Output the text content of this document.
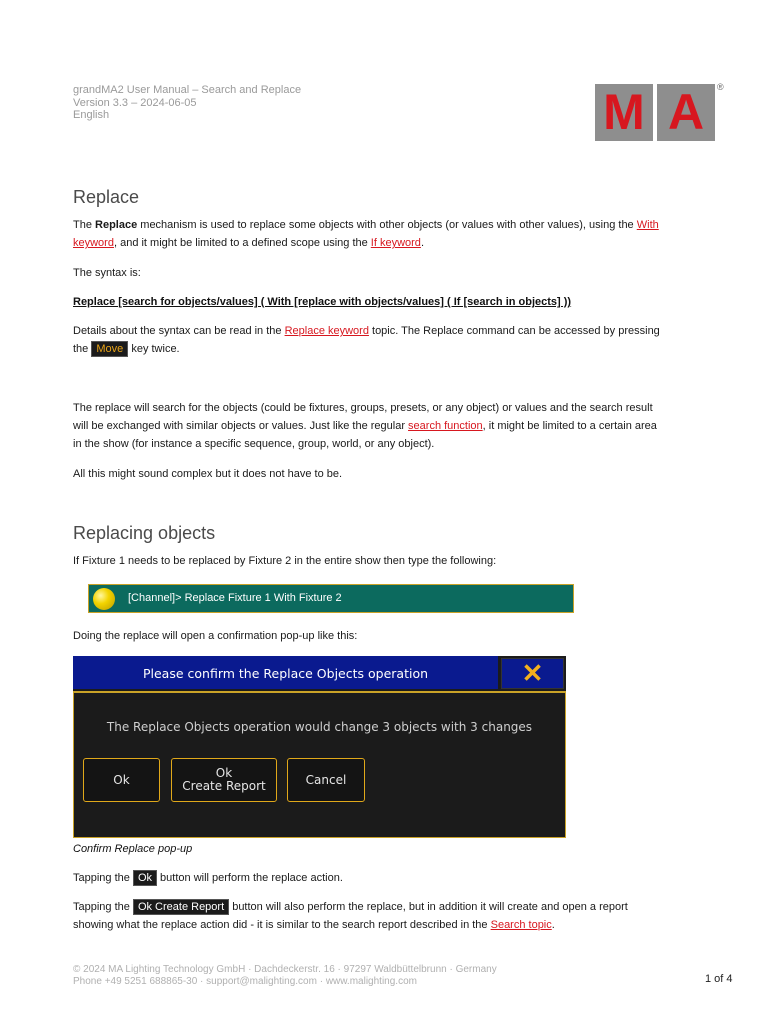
grandMA2 User Manual – Search and Replace
Version 3.3 – 2024-06-05
English	M A	®
Replace

The Replace mechanism is used to replace some objects with other objects (or values with other values), using the With
keyword, and it might be limited to a defined scope using the If keyword.

The syntax is:

Replace [search for objects/values] ( With [replace with objects/values] ( If [search in objects] ))

Details about the syntax can be read in the Replace keyword topic. The Replace command can be accessed by pressing
the Move key twice.

The replace will search for the objects (could be fixtures, groups, presets, or any object) or values and the search result
will be exchanged with similar objects or values. Just like the regular search function, it might be limited to a certain area
in the show (for instance a specific sequence, group, world, or any object).

All this might sound complex but it does not have to be.

Replacing objects

If Fixture 1 needs to be replaced by Fixture 2 in the entire show then type the following:

[Channel]> Replace Fixture 1 With Fixture 2

Doing the replace will open a confirmation pop-up like this:

Please confirm the Replace Objects operation	✕
The Replace Objects operation would change 3 objects with 3 changes
Ok	Ok
Create Report	Cancel
Confirm Replace pop-up

Tapping the Ok button will perform the replace action.

Tapping the Ok Create Report button will also perform the replace, but in addition it will create and open a report
showing what the replace action did - it is similar to the search report described in the Search topic.

© 2024 MA Lighting Technology GmbH · Dachdeckerstr. 16 · 97297 Waldbüttelbrunn · Germany
Phone +49 5251 688865-30 · support@malighting.com · www.malighting.com	1 of 4
